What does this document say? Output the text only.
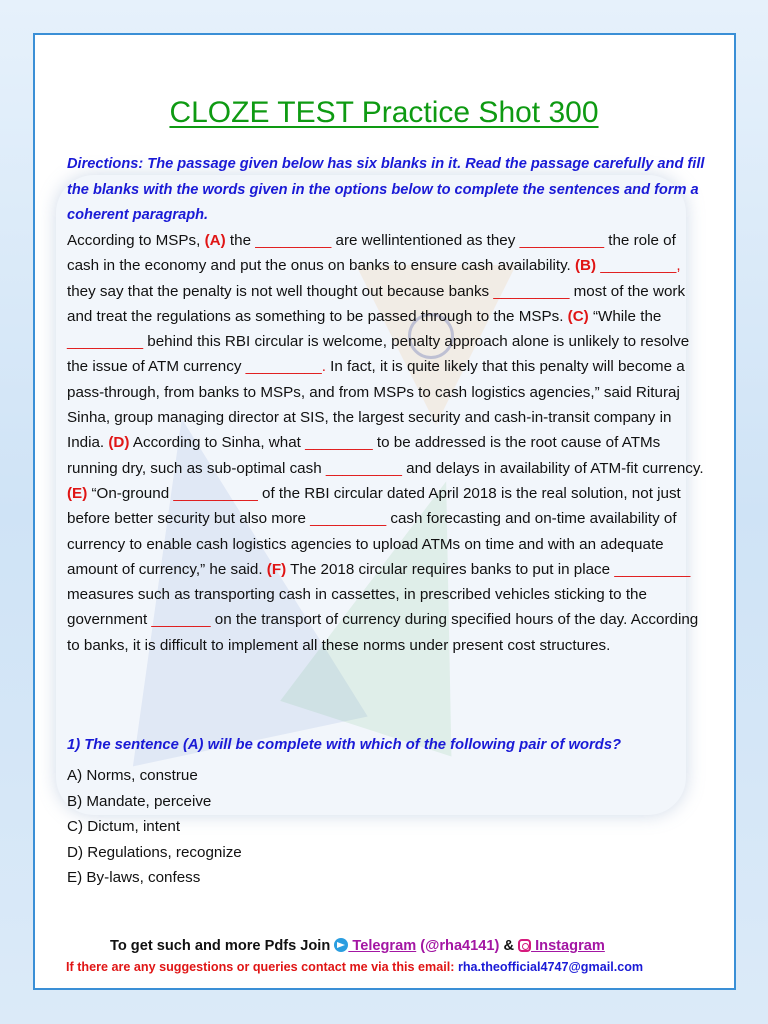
CLOZE TEST Practice Shot 300
Directions: The passage given below has six blanks in it. Read the passage carefully and fill the blanks with the words given in the options below to complete the sentences and form a coherent paragraph.
According to MSPs, (A) the _________ are wellintentioned as they __________ the role of cash in the economy and put the onus on banks to ensure cash availability. (B) _________, they say that the penalty is not well thought out because banks _________ most of the work and treat the regulations as something to be passed through to the MSPs. (C) “While the _________ behind this RBI circular is welcome, penalty approach alone is unlikely to resolve the issue of ATM currency _________. In fact, it is quite likely that this penalty will become a pass-through, from banks to MSPs, and from MSPs to cash logistics agencies,” said Rituraj Sinha, group managing director at SIS, the largest security and cash-in-transit company in India. (D) According to Sinha, what ________ to be addressed is the root cause of ATMs running dry, such as sub-optimal cash _________ and delays in availability of ATM-fit currency. (E) “On-ground __________ of the RBI circular dated April 2018 is the real solution, not just before better security but also more _________ cash forecasting and on-time availability of currency to enable cash logistics agencies to upload ATMs on time and with an adequate amount of currency,” he said. (F) The 2018 circular requires banks to put in place _________ measures such as transporting cash in cassettes, in prescribed vehicles sticking to the government _______ on the transport of currency during specified hours of the day. According to banks, it is difficult to implement all these norms under present cost structures.
1) The sentence (A) will be complete with which of the following pair of words?
A) Norms, construe
B) Mandate, perceive
C) Dictum, intent
D) Regulations, recognize
E) By-laws, confess
To get such and more Pdfs Join  Telegram (@rha4141) &  Instagram
If there are any suggestions or queries contact me via this email: rha.theofficial4747@gmail.com
